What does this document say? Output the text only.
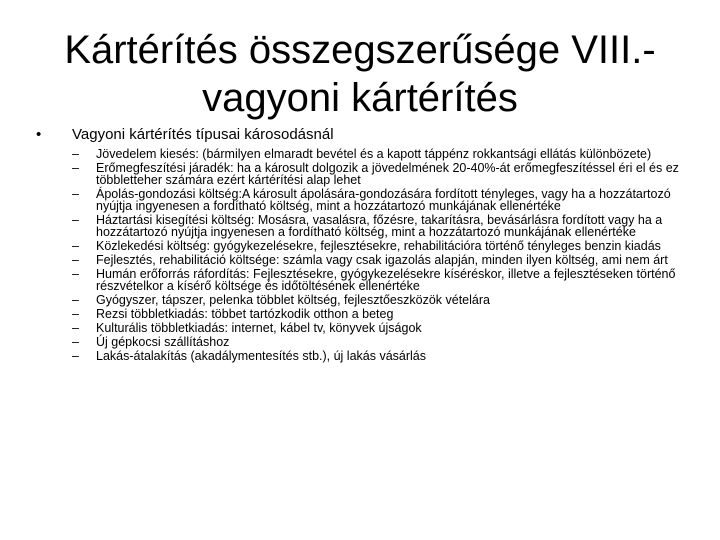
Kártérítés összegszerűsége VIII.-
vagyoni kártérítés
•	Vagyoni kártérítés típusai károsodásnál
– Jövedelem kiesés: (bármilyen elmaradt bevétel és a kapott táppénz rokkantsági ellátás különbözete)
– Erőmegfeszítési járadék: ha a károsult dolgozik a jövedelmének 20-40%-át erőmegfeszítéssel éri el és ez többletteher számára ezért kártérítési alap lehet
– Ápolás-gondozási költség:A károsult ápolására-gondozására fordított tényleges, vagy ha a hozzátartozó nyújtja ingyenesen a fordítható költség, mint a hozzátartozó munkájának ellenértéke
– Háztartási kisegítési költség: Mosásra, vasalásra, főzésre, takarításra, bevásárlásra fordított vagy ha a hozzátartozó nyújtja ingyenesen a fordítható költség, mint a hozzátartozó munkájának ellenértéke
– Közlekedési költség: gyógykezelésekre, fejlesztésekre, rehabilitációra történő tényleges benzin kiadás
– Fejlesztés, rehabilitáció költsége: számla vagy csak igazolás alapján, minden ilyen költség, ami nem árt
– Humán erőforrás ráfordítás: Fejlesztésekre, gyógykezelésekre kíséréskor, illetve a fejlesztéseken történő részvételkor a kísérő költsége és időtöltésének ellenértéke
– Gyógyszer, tápszer, pelenka többlet költség, fejlesztőeszközök vételára
– Rezsi többletkiadás: többet tartózkodik otthon a beteg
– Kulturális többletkiadás: internet, kábel tv, könyvek újságok
– Új gépkocsi szállításhoz
– Lakás-átalakítás (akadálymentesítés stb.), új lakás vásárlás
